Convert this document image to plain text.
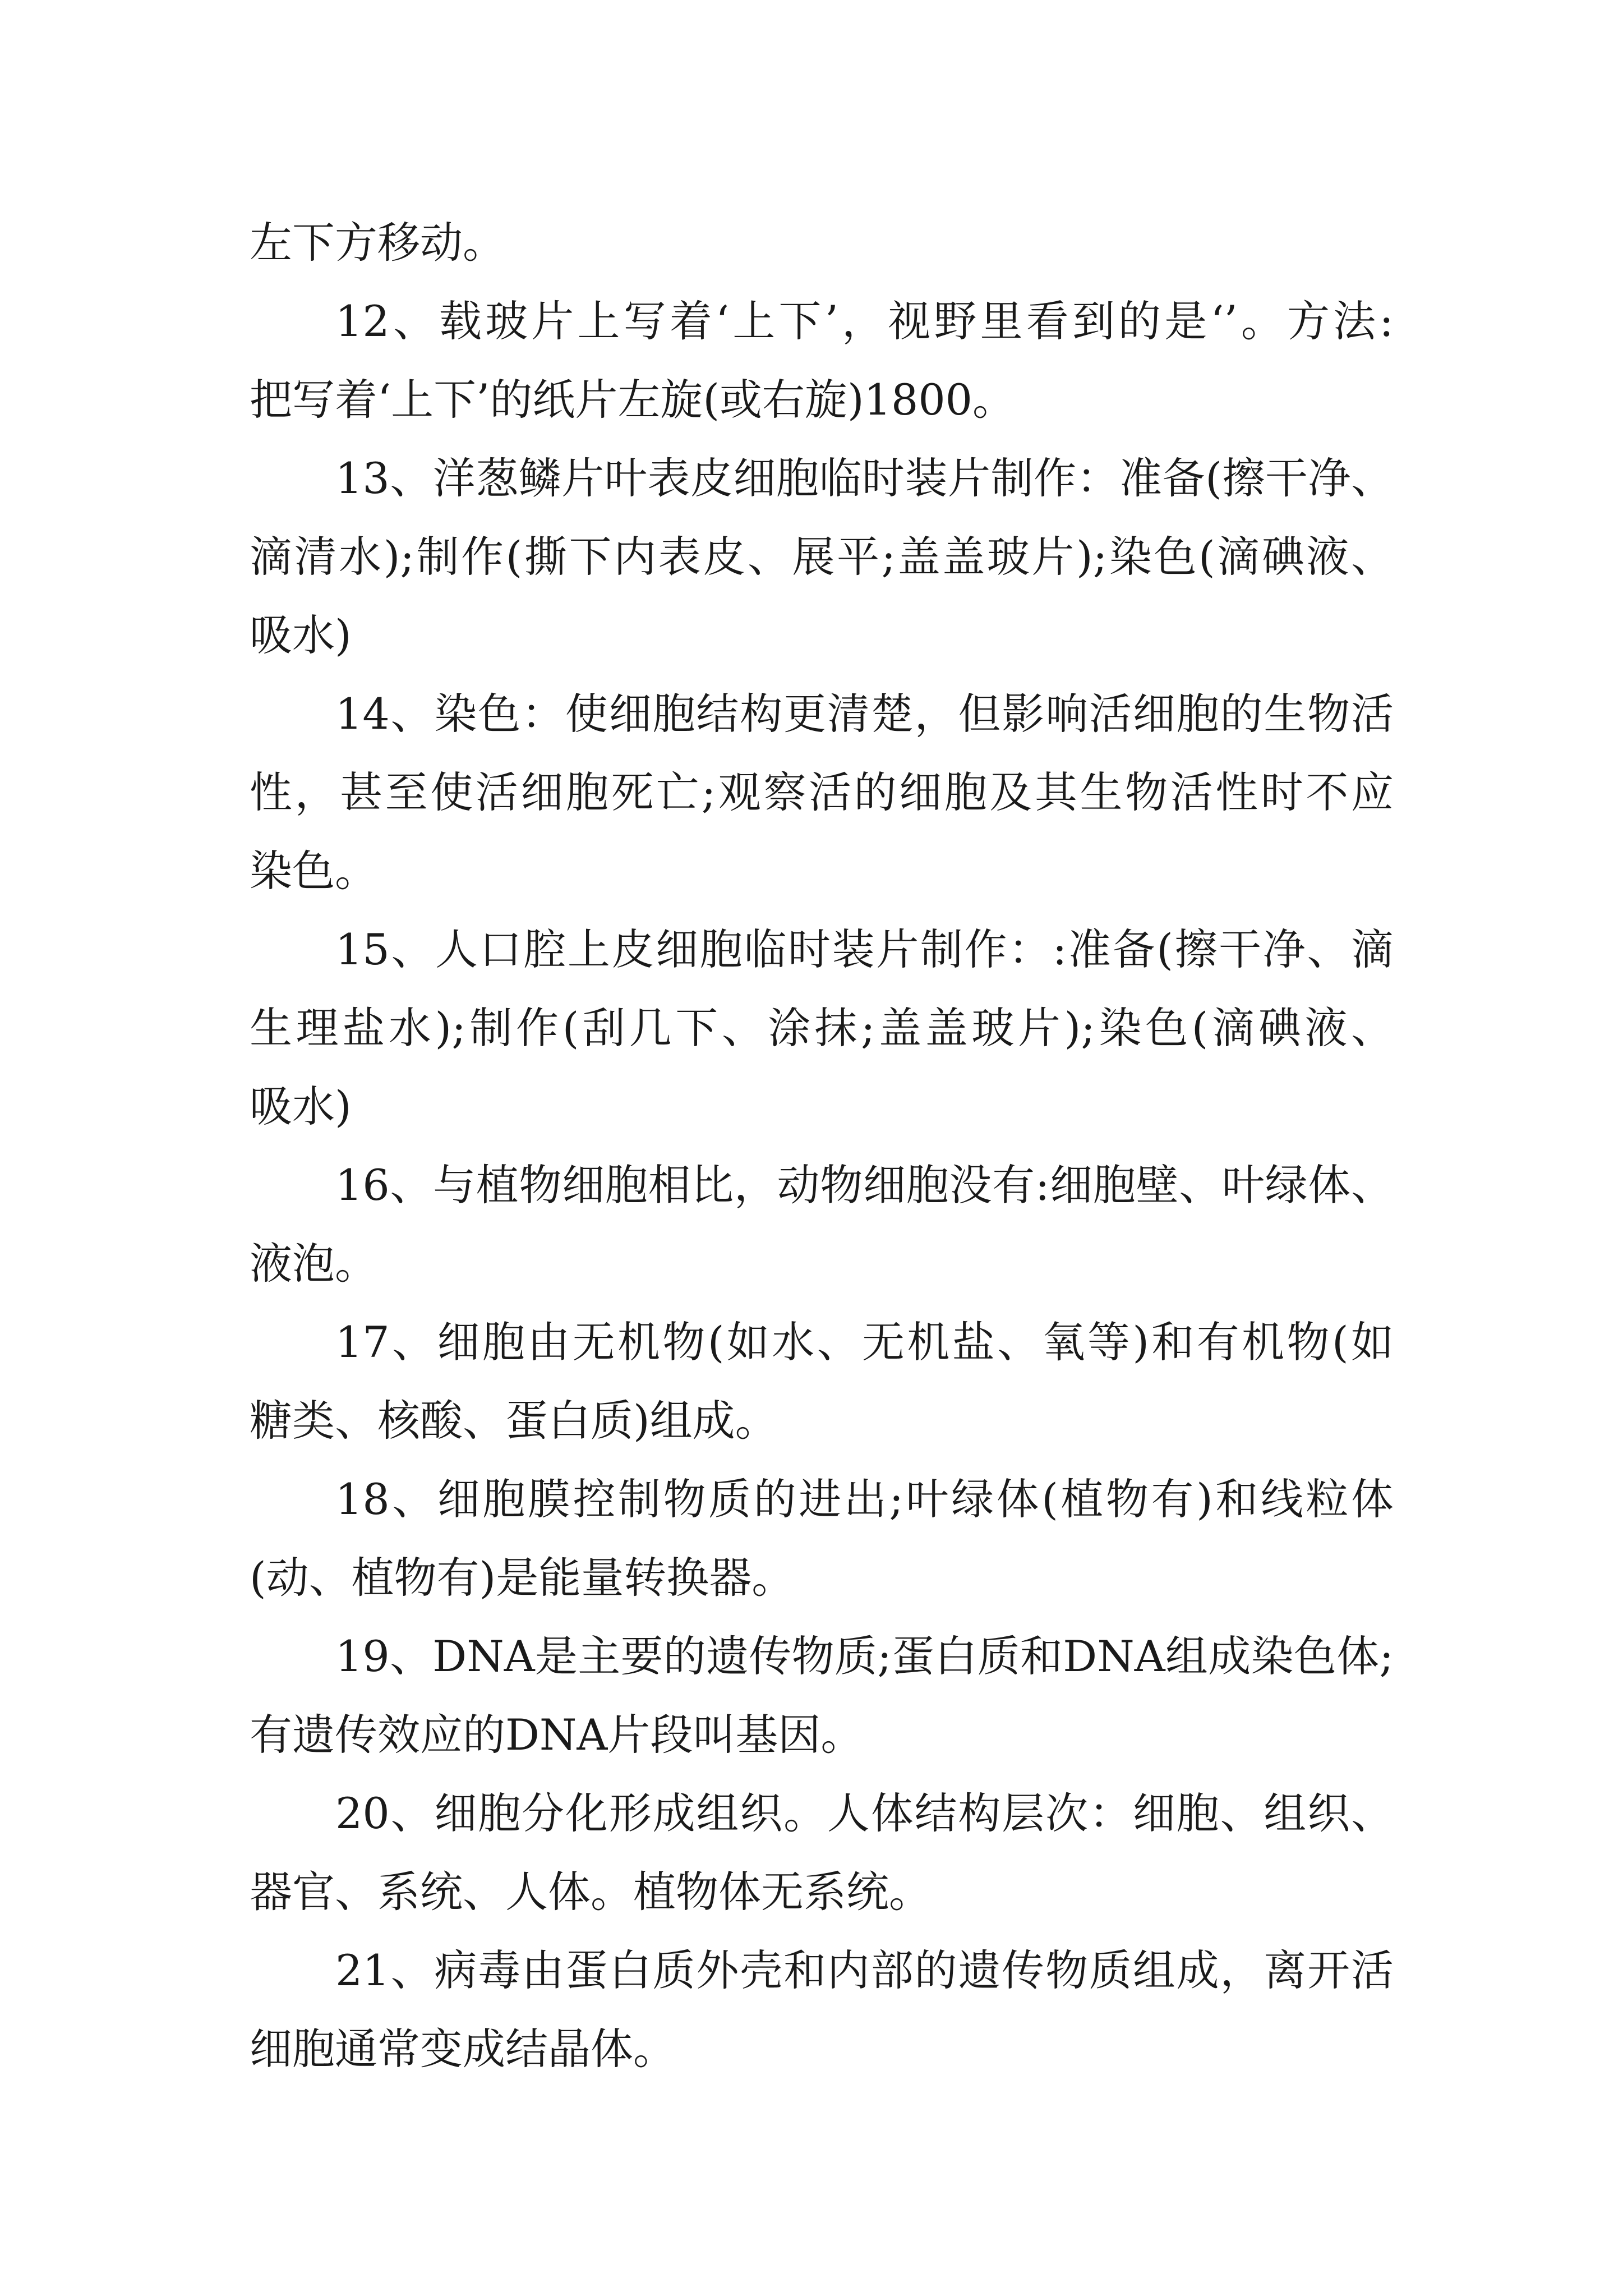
左下方移动。
12、载玻片上写着‘上下’，视野里看到的是‘’。方法:
把写着‘上下’的纸片左旋(或右旋)1800。
13、洋葱鳞片叶表皮细胞临时装片制作：准备(擦干净、
滴清水);制作(撕下内表皮、展平;盖盖玻片);染色(滴碘液、
吸水)
14、染色：使细胞结构更清楚，但影响活细胞的生物活
性，甚至使活细胞死亡;观察活的细胞及其生物活性时不应
染色。
15、人口腔上皮细胞临时装片制作：:准备(擦干净、滴
生理盐水);制作(刮几下、涂抹;盖盖玻片);染色(滴碘液、
吸水)
16、与植物细胞相比，动物细胞没有:细胞壁、叶绿体、
液泡。
17、细胞由无机物(如水、无机盐、氧等)和有机物(如
糖类、核酸、蛋白质)组成。
18、细胞膜控制物质的进出;叶绿体(植物有)和线粒体
(动、植物有)是能量转换器。
19、DNA是主要的遗传物质;蛋白质和DNA组成染色体;
有遗传效应的DNA片段叫基因。
20、细胞分化形成组织。人体结构层次：细胞、组织、
器官、系统、人体。植物体无系统。
21、病毒由蛋白质外壳和内部的遗传物质组成，离开活
细胞通常变成结晶体。
